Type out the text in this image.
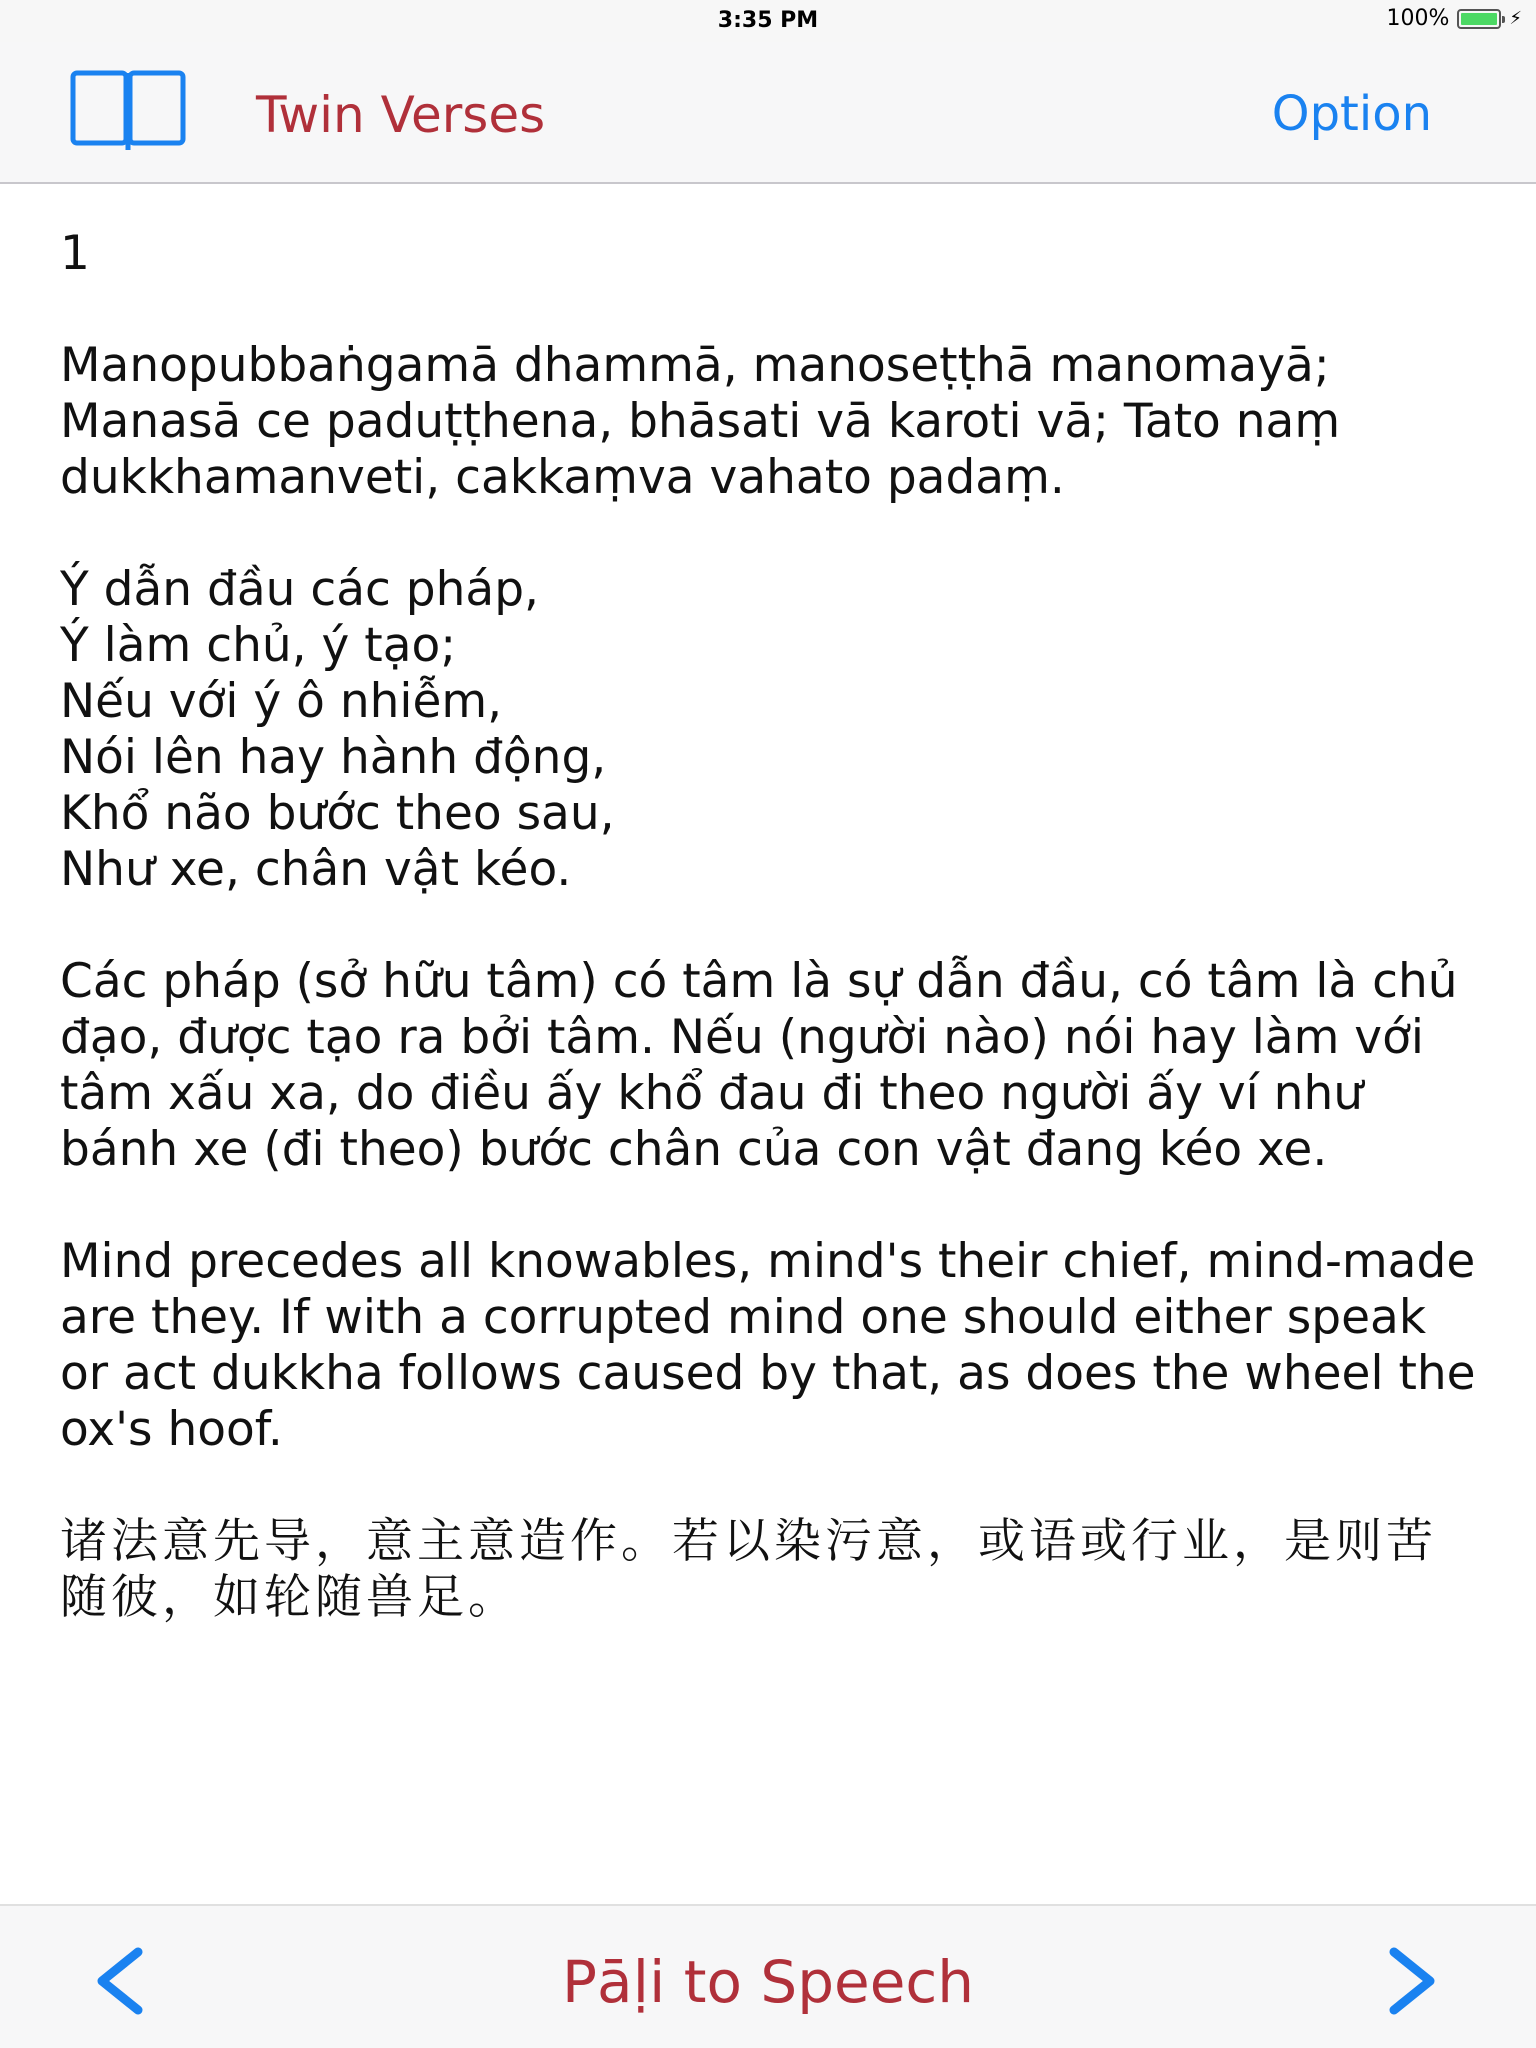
3:35 PM	100%	⚡
Twin Verses	Option
1
Manopubbaṅgamā dhammā, manoseṭṭhā manomayā; Manasā ce paduṭṭhena, bhāsati vā karoti vā; Tato naṃ dukkhamanveti, cakkaṃva vahato padaṃ.
Ý dẫn đầu các pháp,
Ý làm chủ, ý tạo;
Nếu với ý ô nhiễm,
Nói lên hay hành động,
Khổ não bước theo sau,
Như xe, chân vật kéo.
Các pháp (sở hữu tâm) có tâm là sự dẫn đầu, có tâm là chủ đạo, được tạo ra bởi tâm. Nếu (người nào) nói hay làm với tâm xấu xa, do điều ấy khổ đau đi theo người ấy ví như bánh xe (đi theo) bước chân của con vật đang kéo xe.
Mind precedes all knowables, mind's their chief, mind-made are they. If with a corrupted mind one should either speak or act dukkha follows caused by that, as does the wheel the ox's hoof.
诸法意先导，意主意造作。若以染污意，或语或行业，是则苦随彼，如轮随兽足。
Pāḷi to Speech
